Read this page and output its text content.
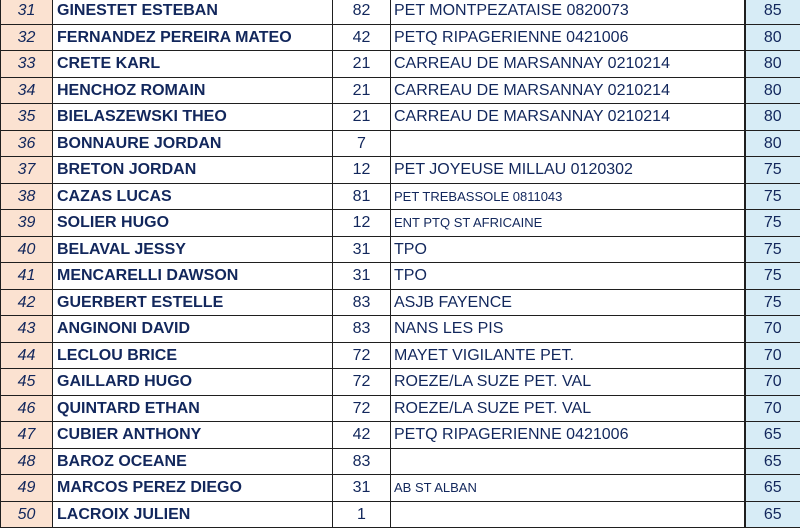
31	GINESTET ESTEBAN	82	PET MONTPEZATAISE 0820073	85
32	FERNANDEZ PEREIRA MATEO	42	PETQ RIPAGERIENNE 0421006	80
33	CRETE KARL	21	CARREAU DE MARSANNAY 0210214	80
34	HENCHOZ ROMAIN	21	CARREAU DE MARSANNAY 0210214	80
35	BIELASZEWSKI THEO	21	CARREAU DE MARSANNAY 0210214	80
36	BONNAURE JORDAN	7		80
37	BRETON JORDAN	12	PET JOYEUSE MILLAU 0120302	75
38	CAZAS LUCAS	81	PET TREBASSOLE 0811043	75
39	SOLIER HUGO	12	ENT PTQ ST AFRICAINE	75
40	BELAVAL JESSY	31	TPO	75
41	MENCARELLI DAWSON	31	TPO	75
42	GUERBERT ESTELLE	83	ASJB FAYENCE	75
43	ANGINONI DAVID	83	NANS LES PIS	70
44	LECLOU BRICE	72	MAYET VIGILANTE PET.	70
45	GAILLARD HUGO	72	ROEZE/LA SUZE PET. VAL	70
46	QUINTARD ETHAN	72	ROEZE/LA SUZE PET. VAL	70
47	CUBIER ANTHONY	42	PETQ RIPAGERIENNE 0421006	65
48	BAROZ OCEANE	83		65
49	MARCOS PEREZ DIEGO	31	AB ST ALBAN	65
50	LACROIX JULIEN	1		65
